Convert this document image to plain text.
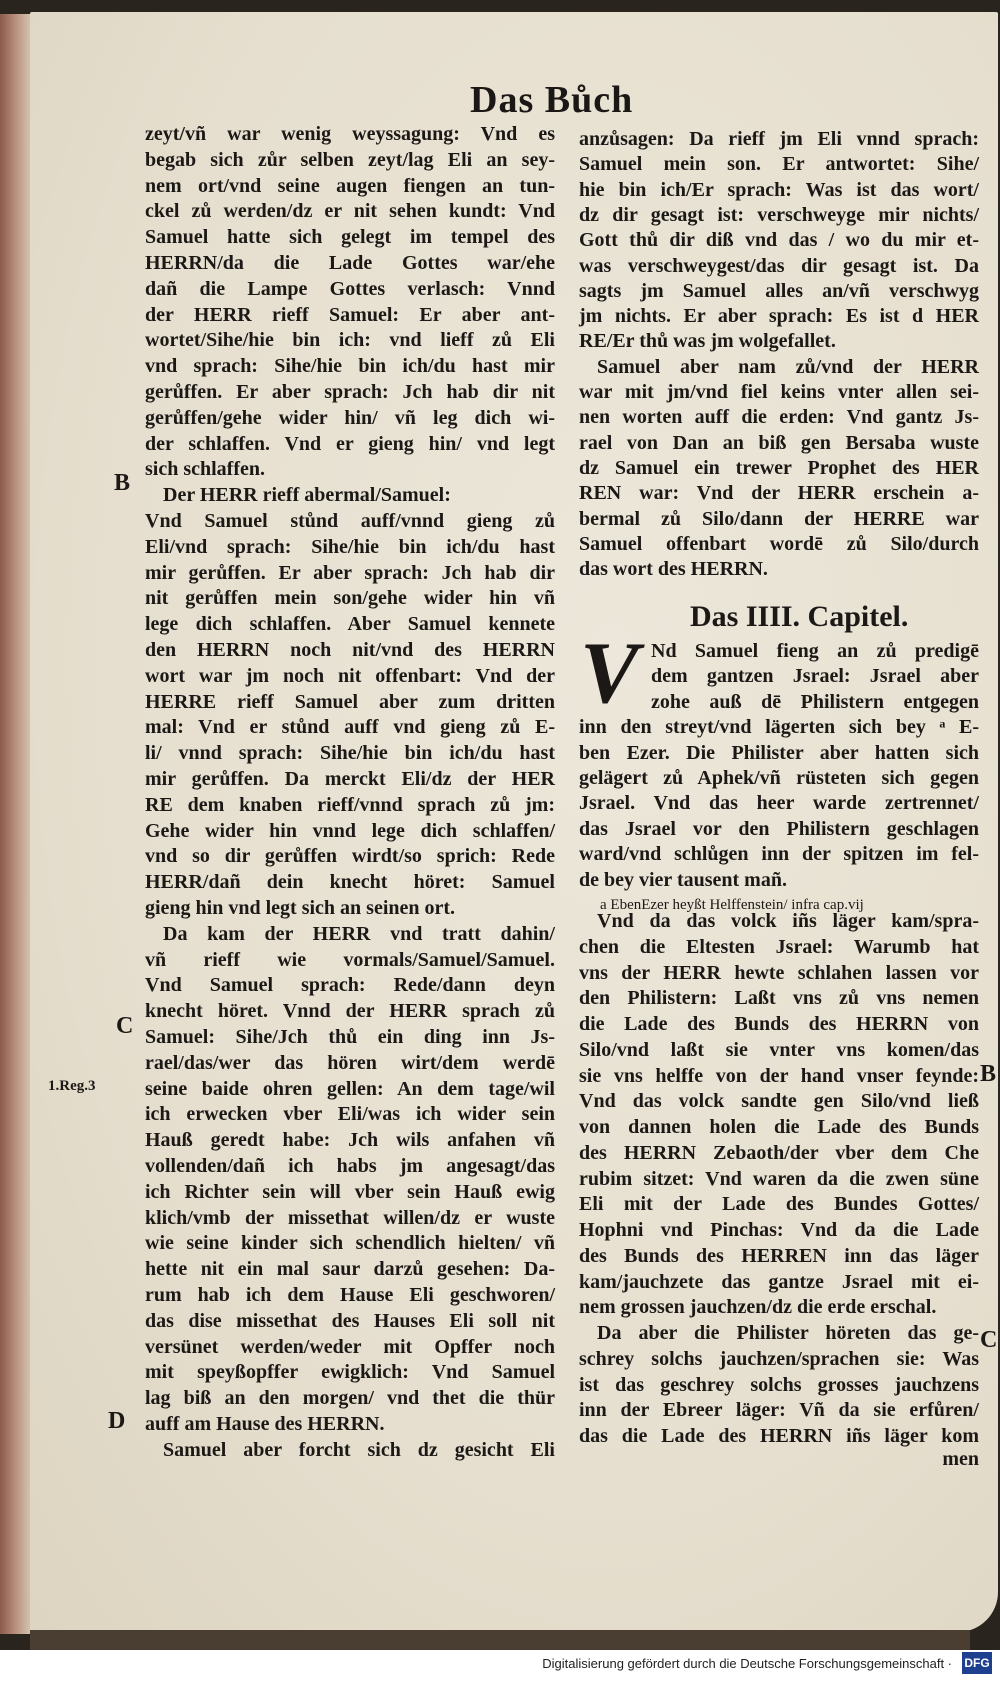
Das Bůch
zeyt/vñ war wenig weyssagung: Vnd es
begab sich zůr selben zeyt/lag Eli an sey-
nem ort/vnd seine augen fiengen an tun-
ckel zů werden/dz er nit sehen kundt: Vnd
Samuel hatte sich gelegt im tempel des
HERRN/da die Lade Gottes war/ehe
dañ die Lampe Gottes verlasch: Vnnd
der HERR rieff Samuel: Er aber ant-
wortet/Sihe/hie bin ich: vnd lieff zů Eli
vnd sprach: Sihe/hie bin ich/du hast mir
gerůffen. Er aber sprach: Jch hab dir nit
gerůffen/gehe wider hin/ vñ leg dich wi-
der schlaffen. Vnd er gieng hin/ vnd legt
sich schlaffen.
Der HERR rieff abermal/Samuel:
Vnd Samuel stůnd auff/vnnd gieng zů
Eli/vnd sprach: Sihe/hie bin ich/du hast
mir gerůffen. Er aber sprach: Jch hab dir
nit gerůffen mein son/gehe wider hin vñ
lege dich schlaffen. Aber Samuel kennete
den HERRN noch nit/vnd des HERRN
wort war jm noch nit offenbart: Vnd der
HERRE rieff Samuel aber zum dritten
mal: Vnd er stůnd auff vnd gieng zů E-
li/ vnnd sprach: Sihe/hie bin ich/du hast
mir gerůffen. Da merckt Eli/dz der HER
RE dem knaben rieff/vnnd sprach zů jm:
Gehe wider hin vnnd lege dich schlaffen/
vnd so dir gerůffen wirdt/so sprich: Rede
HERR/dañ dein knecht höret: Samuel
gieng hin vnd legt sich an seinen ort.
Da kam der HERR vnd tratt dahin/
vñ rieff wie vormals/Samuel/Samuel.
Vnd Samuel sprach: Rede/dann deyn
knecht höret. Vnnd der HERR sprach zů
Samuel: Sihe/Jch thů ein ding inn Js-
rael/das/wer das hören wirt/dem werdē
seine baide ohren gellen: An dem tage/wil
ich erwecken vber Eli/was ich wider sein
Hauß geredt habe: Jch wils anfahen vñ
vollenden/dañ ich habs jm angesagt/das
ich Richter sein will vber sein Hauß ewig
klich/vmb der missethat willen/dz er wuste
wie seine kinder sich schendlich hielten/ vñ
hette nit ein mal saur darzů gesehen: Da-
rum hab ich dem Hause Eli geschworen/
das dise missethat des Hauses Eli soll nit
versünet werden/weder mit Opffer noch
mit speyßopffer ewigklich: Vnd Samuel
lag biß an den morgen/ vnd thet die thür
auff am Hause des HERRN.
Samuel aber forcht sich dz gesicht Eli
anzůsagen: Da rieff jm Eli vnnd sprach:
Samuel mein son. Er antwortet: Sihe/
hie bin ich/Er sprach: Was ist das wort/
dz dir gesagt ist: verschweyge mir nichts/
Gott thů dir diß vnd das / wo du mir et-
was verschweygest/das dir gesagt ist. Da
sagts jm Samuel alles an/vñ verschwyg
jm nichts. Er aber sprach: Es ist d HER
RE/Er thů was jm wolgefallet.
Samuel aber nam zů/vnd der HERR
war mit jm/vnd fiel keins vnter allen sei-
nen worten auff die erden: Vnd gantz Js-
rael von Dan an biß gen Bersaba wuste
dz Samuel ein trewer Prophet des HER
REN war: Vnd der HERR erschein a-
bermal zů Silo/dann der HERRE war
Samuel offenbart wordē zů Silo/durch
das wort des HERRN.
Nd Samuel fieng an zů predigē
dem gantzen Jsrael: Jsrael aber
zohe auß dē Philistern entgegen
inn den streyt/vnd lägerten sich bey ᵃ E-
ben Ezer. Die Philister aber hatten sich
gelägert zů Aphek/vñ rüsteten sich gegen
Jsrael. Vnd das heer warde zertrennet/
das Jsrael vor den Philistern geschlagen
ward/vnd schlůgen inn der spitzen im fel-
de bey vier tausent mañ.
a EbenEzer heyßt Helffenstein/ infra cap.vij
Vnd da das volck iñs läger kam/spra-
chen die Eltesten Jsrael: Warumb hat
vns der HERR hewte schlahen lassen vor
den Philistern: Laßt vns zů vns nemen
die Lade des Bunds des HERRN von
Silo/vnd laßt sie vnter vns komen/das
sie vns helffe von der hand vnser feynde:
Vnd das volck sandte gen Silo/vnd ließ
von dannen holen die Lade des Bunds
des HERRN Zebaoth/der vber dem Che
rubim sitzet: Vnd waren da die zwen süne
Eli mit der Lade des Bundes Gottes/
Hophni vnd Pinchas: Vnd da die Lade
des Bunds des HERREN inn das läger
kam/jauchzete das gantze Jsrael mit ei-
nem grossen jauchzen/dz die erde erschal.
Da aber die Philister höreten das ge-
schrey solchs jauchzen/sprachen sie: Was
ist das geschrey solchs grosses jauchzens
inn der Ebreer läger: Vñ da sie erfůren/
das die Lade des HERRN iñs läger kom
men
Das IIII. Capitel.
V
B
C
1.Reg.3
D
B
C
Digitalisierung gefördert durch die Deutsche Forschungsgemeinschaft · DFG
